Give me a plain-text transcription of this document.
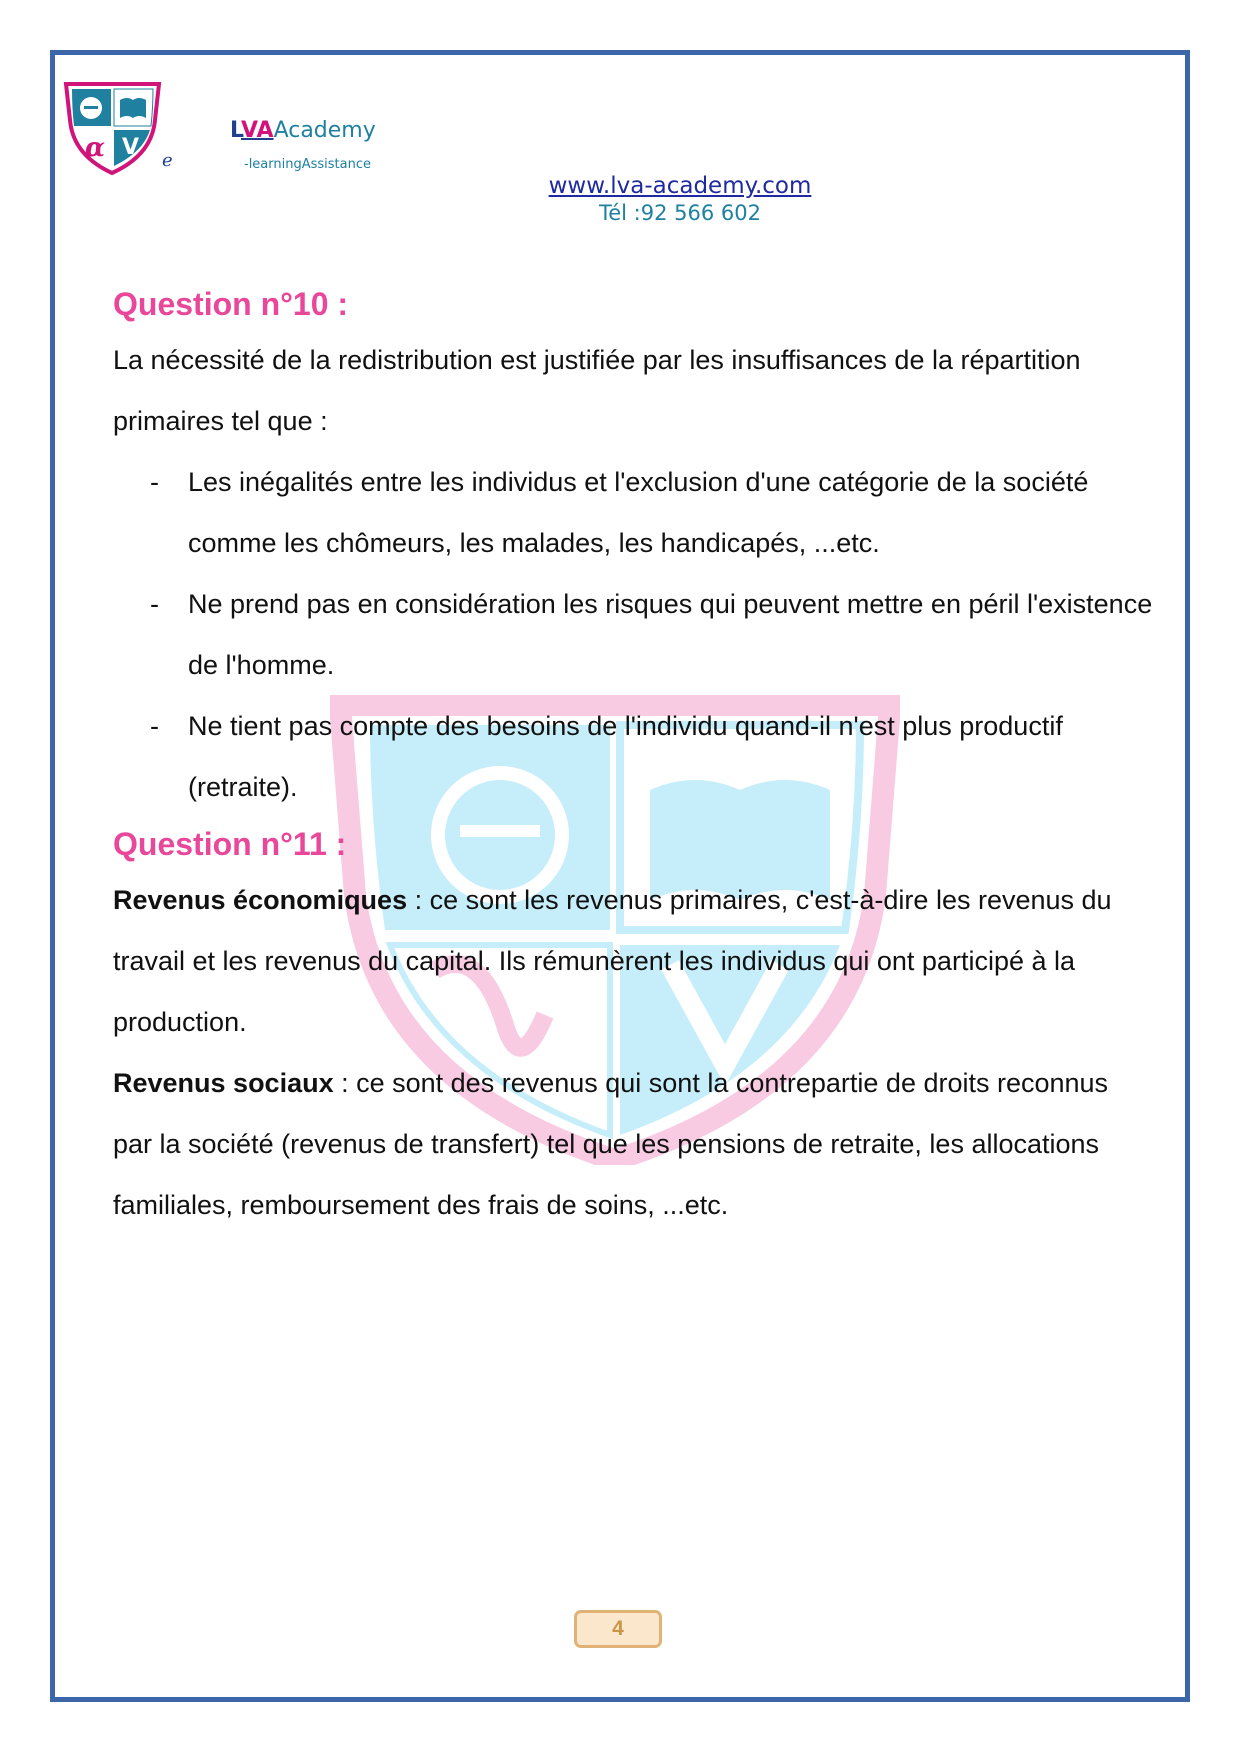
α V
e
LVAAcademy
-learningAssistance
www.lva-academy.com
Tél :92 566 602
Question n°10 :

La nécessité de la redistribution est justifiée par les insuffisances de la répartition primaires tel que :

- Les inégalités entre les individus et l'exclusion d'une catégorie de la société comme les chômeurs, les malades, les handicapés, ...etc.
- Ne prend pas en considération les risques qui peuvent mettre en péril l'existence de l'homme.
- Ne tient pas compte des besoins de l'individu quand-il n'est plus productif (retraite).
Question n°11 :

Revenus économiques : ce sont les revenus primaires, c'est-à-dire les revenus du travail et les revenus du capital. Ils rémunèrent les individus qui ont participé à la production.

Revenus sociaux : ce sont des revenus qui sont la contrepartie de droits reconnus par la société (revenus de transfert) tel que les pensions de retraite, les allocations familiales, remboursement des frais de soins, ...etc.

4
